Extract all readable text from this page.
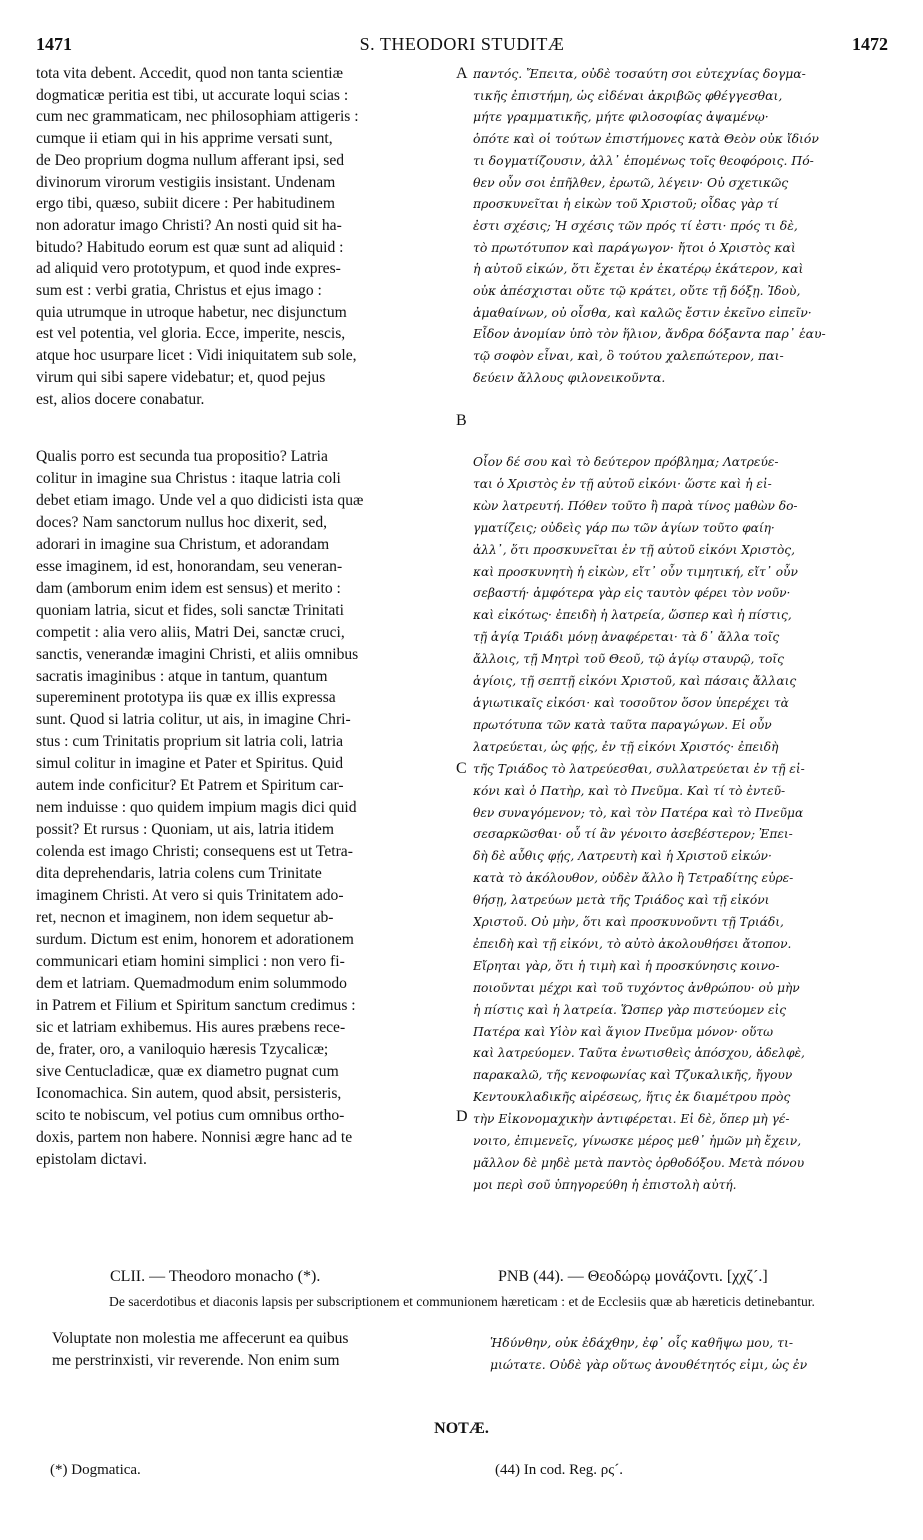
1471	S. THEODORI STUDITÆ	1472
tota vita debent. Accedit, quod non tanta scientiæ
dogmaticæ peritia est tibi, ut accurate loqui scias :
cum nec grammaticam, nec philosophiam attigeris :
cumque ii etiam qui in his apprime versati sunt,
de Deo proprium dogma nullum afferant ipsi, sed
divinorum virorum vestigiis insistant. Undenam
ergo tibi, quæso, subiit dicere : Per habitudinem
non adoratur imago Christi? An nosti quid sit ha-
bitudo? Habitudo eorum est quæ sunt ad aliquid :
ad aliquid vero prototypum, et quod inde expres-
sum est : verbi gratia, Christus et ejus imago :
quia utrumque in utroque habetur, nec disjunctum
est vel potentia, vel gloria. Ecce, imperite, nescis,
atque hoc usurpare licet : Vidi iniquitatem sub sole,
virum qui sibi sapere videbatur; et, quod pejus
est, alios docere conabatur.
παντός. Ἔπειτα, οὐδὲ τοσαύτη σοι εὐτεχνίας δογμα-
τικῆς ἐπιστήμη, ὡς εἰδέναι ἀκριβῶς φθέγγεσθαι,
μήτε γραμματικῆς, μήτε φιλοσοφίας ἀψαμένῳ·
ὁπότε καὶ οἱ τούτων ἐπιστήμονες κατὰ Θεὸν οὐκ ἴδιόν
τι δογματίζουσιν, ἀλλ᾽ ἑπομένως τοῖς θεοφόροις. Πό-
θεν οὖν σοι ἐπῆλθεν, ἐρωτῶ, λέγειν· Οὐ σχετικῶς
προσκυνεῖται ἡ εἰκὼν τοῦ Χριστοῦ; οἶδας γὰρ τί
ἐστι σχέσις; Ἡ σχέσις τῶν πρός τί ἐστι· πρός τι δὲ,
τὸ πρωτότυπον καὶ παράγωγον· ἤτοι ὁ Χριστὸς καὶ
ἡ αὐτοῦ εἰκών, ὅτι ἔχεται ἐν ἑκατέρῳ ἑκάτερον, καὶ
οὐκ ἀπέσχισται οὔτε τῷ κράτει, οὔτε τῇ δόξῃ. Ἰδοὺ,
ἀμαθαίνων, οὐ οἶσθα, καὶ καλῶς ἔστιν ἐκεῖνο εἰπεῖν·
Εἶδον ἀνομίαν ὑπὸ τὸν ἥλιον, ἄνδρα δόξαντα παρ᾽ ἑαυ-
τῷ σοφὸν εἶναι, καὶ, ὃ τούτου χαλεπώτερον, παι-
δεύειν ἄλλους φιλονεικοῦντα.
Qualis porro est secunda tua propositio? Latria
colitur in imagine sua Christus : itaque latria coli
debet etiam imago. Unde vel a quo didicisti ista quæ
doces? Nam sanctorum nullus hoc dixerit, sed,
adorari in imagine sua Christum, et adorandam
esse imaginem, id est, honorandam, seu veneran-
dam (amborum enim idem est sensus) et merito :
quoniam latria, sicut et fides, soli sanctæ Trinitati
competit : alia vero aliis, Matri Dei, sanctæ cruci,
sanctis, venerandæ imagini Christi, et aliis omnibus
sacratis imaginibus : atque in tantum, quantum
supereminent prototypa iis quæ ex illis expressa
sunt. Quod si latria colitur, ut ais, in imagine Chri-
stus : cum Trinitatis proprium sit latria coli, latria
simul colitur in imagine et Pater et Spiritus. Quid
autem inde conficitur? Et Patrem et Spiritum car-
nem induisse : quo quidem impium magis dici quid
possit? Et rursus : Quoniam, ut ais, latria itidem
colenda est imago Christi; consequens est ut Tetra-
dita deprehendaris, latria colens cum Trinitate
imaginem Christi. At vero si quis Trinitatem ado-
ret, necnon et imaginem, non idem sequetur ab-
surdum. Dictum est enim, honorem et adorationem
communicari etiam homini simplici : non vero fi-
dem et latriam. Quemadmodum enim solummodo
in Patrem et Filium et Spiritum sanctum credimus :
sic et latriam exhibemus. His aures præbens rece-
de, frater, oro, a vaniloquio hæresis Tzycalicæ;
sive Centucladicæ, quæ ex diametro pugnat cum
Iconomachica. Sin autem, quod absit, persisteris,
scito te nobiscum, vel potius cum omnibus ortho-
doxis, partem non habere. Nonnisi ægre hanc ad te
epistolam dictavi.
Οἷον δέ σου καὶ τὸ δεύτερον πρόβλημα; Λατρεύε-
ται ὁ Χριστὸς ἐν τῇ αὐτοῦ εἰκόνι· ὥστε καὶ ἡ εἰ-
κὼν λατρευτή. Πόθεν τοῦτο ἢ παρὰ τίνος μαθὼν δο-
γματίζεις; οὐδεὶς γάρ πω τῶν ἁγίων τοῦτο φαίη·
ἀλλ᾽, ὅτι προσκυνεῖται ἐν τῇ αὐτοῦ εἰκόνι Χριστὸς,
καὶ προσκυνητὴ ἡ εἰκὼν, εἴτ᾽ οὖν τιμητική, εἴτ᾽ οὖν
σεβαστή· ἀμφότερα γὰρ εἰς ταυτὸν φέρει τὸν νοῦν·
καὶ εἰκότως· ἐπειδὴ ἡ λατρεία, ὥσπερ καὶ ἡ πίστις,
τῇ ἁγίᾳ Τριάδι μόνῃ ἀναφέρεται· τὰ δ᾽ ἄλλα τοῖς
ἄλλοις, τῇ Μητρὶ τοῦ Θεοῦ, τῷ ἁγίῳ σταυρῷ, τοῖς
ἁγίοις, τῇ σεπτῇ εἰκόνι Χριστοῦ, καὶ πάσαις ἄλλαις
ἁγιωτικαῖς εἰκόσι· καὶ τοσοῦτον ὅσον ὑπερέχει τὰ
πρωτότυπα τῶν κατὰ ταῦτα παραγώγων. Εἰ οὖν
λατρεύεται, ὡς φῄς, ἐν τῇ εἰκόνι Χριστός· ἐπειδὴ
τῆς Τριάδος τὸ λατρεύεσθαι, συλλατρεύεται ἐν τῇ εἰ-
κόνι καὶ ὁ Πατὴρ, καὶ τὸ Πνεῦμα. Καὶ τί τὸ ἐντεῦ-
θεν συναγόμενον; τὸ, καὶ τὸν Πατέρα καὶ τὸ Πνεῦμα
σεσαρκῶσθαι· οὗ τί ἂν γένοιτο ἀσεβέστερον; Ἐπει-
δὴ δὲ αὖθις φῄς, Λατρευτὴ καὶ ἡ Χριστοῦ εἰκών·
κατὰ τὸ ἀκόλουθον, οὐδὲν ἄλλο ἢ Τετραδίτης εὑρε-
θήσῃ, λατρεύων μετὰ τῆς Τριάδος καὶ τῇ εἰκόνι
Χριστοῦ. Οὐ μὴν, ὅτι καὶ προσκυνοῦντι τῇ Τριάδι,
ἐπειδὴ καὶ τῇ εἰκόνι, τὸ αὐτὸ ἀκολουθήσει ἄτοπον.
Εἴρηται γὰρ, ὅτι ἡ τιμὴ καὶ ἡ προσκύνησις κοινο-
ποιοῦνται μέχρι καὶ τοῦ τυχόντος ἀνθρώπου· οὐ μὴν
ἡ πίστις καὶ ἡ λατρεία. Ὥσπερ γὰρ πιστεύομεν εἰς
Πατέρα καὶ Υἱὸν καὶ ἅγιον Πνεῦμα μόνον· οὕτω
καὶ λατρεύομεν. Ταῦτα ἐνωτισθεὶς ἀπόσχου, ἀδελφὲ,
παρακαλῶ, τῆς κενοφωνίας καὶ Τζυκαλικῆς, ἤγουν
Κεντουκλαδικῆς αἱρέσεως, ἥτις ἐκ διαμέτρου πρὸς
τὴν Εἰκονομαχικὴν ἀντιφέρεται. Εἰ δὲ, ὅπερ μὴ γέ-
νοιτο, ἐπιμενεῖς, γίνωσκε μέρος μεθ᾽ ἡμῶν μὴ ἔχειν,
μᾶλλον δὲ μηδὲ μετὰ παντὸς ὀρθοδόξου. Μετὰ πόνου
μοι περὶ σοῦ ὑπηγορεύθη ἡ ἐπιστολὴ αὐτή.
A
B
C
D
CLII. — Theodoro monacho (*).	ΡΝΒ (44). — Θεοδώρῳ μονάζοντι. [χχζ´.]
De sacerdotibus et diaconis lapsis per subscriptionem et communionem hæreticam : et de Ecclesiis quæ ab hæreticis detinebantur.
Voluptate non molestia me affecerunt ea quibus
me perstrinxisti, vir reverende. Non enim sum
Ἡδύνθην, οὐκ ἐδάχθην, ἐφ᾽ οἷς καθῆψω μου, τι-
μιώτατε. Οὐδὲ γὰρ οὕτως ἀνουθέτητός εἰμι, ὡς ἐν
NOTÆ.
(*) Dogmatica.	(44) In cod. Reg. ρς´.
